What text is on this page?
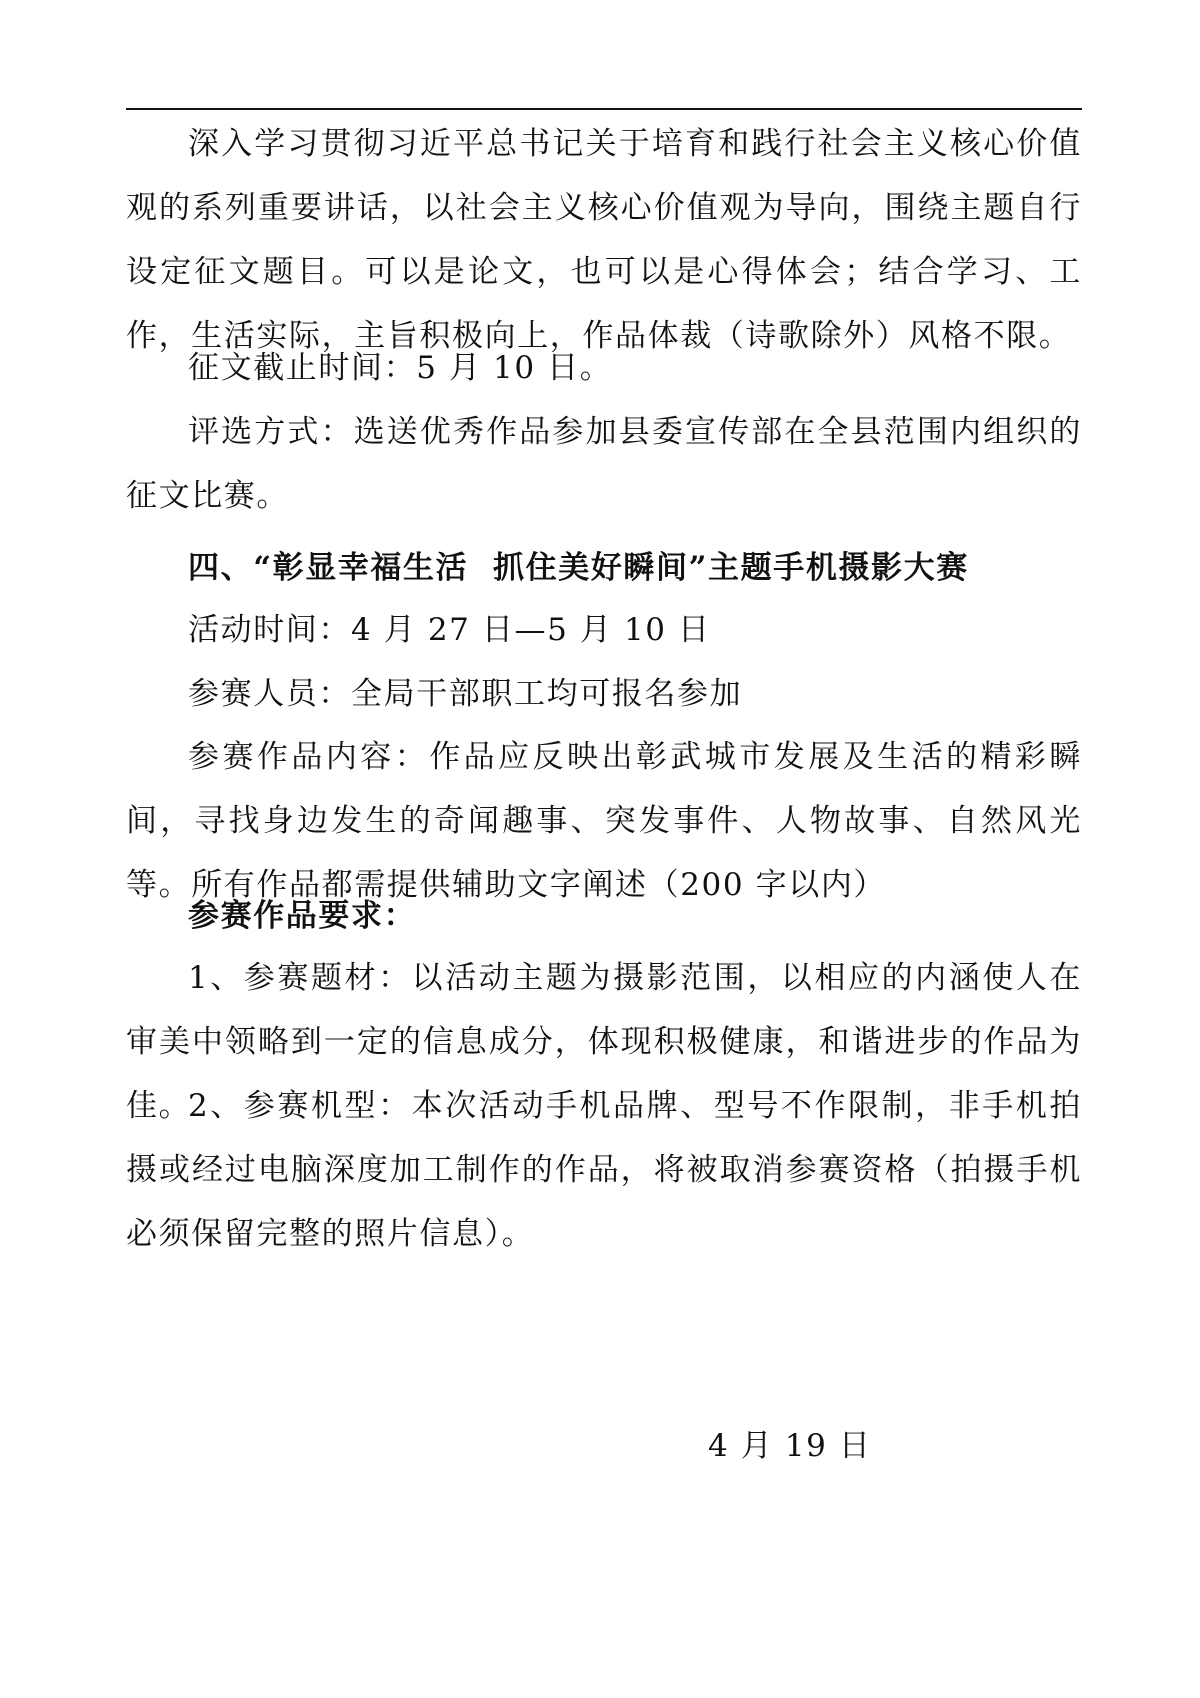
深入学习贯彻习近平总书记关于培育和践行社会主义核心价值观的系列重要讲话，以社会主义核心价值观为导向，围绕主题自行设定征文题目。可以是论文，也可以是心得体会；结合学习、工作，生活实际，主旨积极向上，作品体裁（诗歌除外）风格不限。

征文截止时间：5 月 10 日。

评选方式：选送优秀作品参加县委宣传部在全县范围内组织的征文比赛。

四、“彰显幸福生活  抓住美好瞬间”主题手机摄影大赛

活动时间：4 月 27 日—5 月 10 日

参赛人员：全局干部职工均可报名参加

参赛作品内容：作品应反映出彰武城市发展及生活的精彩瞬间，寻找身边发生的奇闻趣事、突发事件、人物故事、自然风光等。所有作品都需提供辅助文字阐述（200 字以内）

参赛作品要求：

1、参赛题材：以活动主题为摄影范围，以相应的内涵使人在审美中领略到一定的信息成分，体现积极健康，和谐进步的作品为佳。

2、参赛机型：本次活动手机品牌、型号不作限制，非手机拍摄或经过电脑深度加工制作的作品，将被取消参赛资格（拍摄手机必须保留完整的照片信息）。

4 月 19 日
